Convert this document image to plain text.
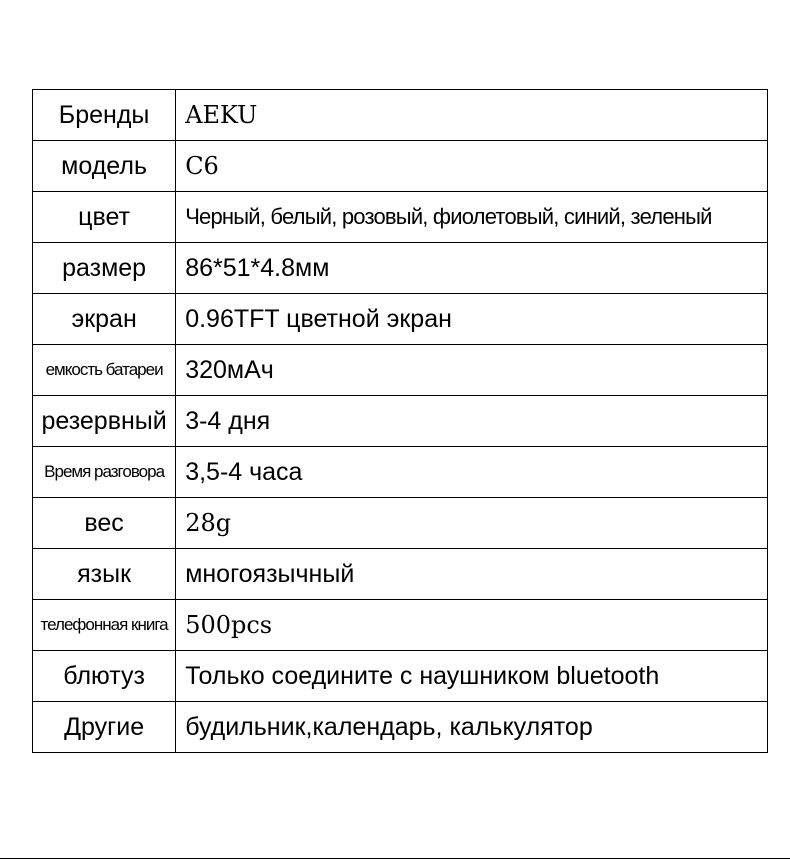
Бренды	AEKU
модель	C6
цвет	Черный, белый, розовый, фиолетовый, синий, зеленый
размер	86*51*4.8мм
экран	0.96TFT цветной экран
емкость батареи	320мАч
резервный	3-4 дня
Время разговора	3,5-4 часа
вес	28g
язык	многоязычный
телефонная книга	500pcs
блютуз	Только соедините с наушником bluetooth
Другие	будильник,календарь, калькулятор
